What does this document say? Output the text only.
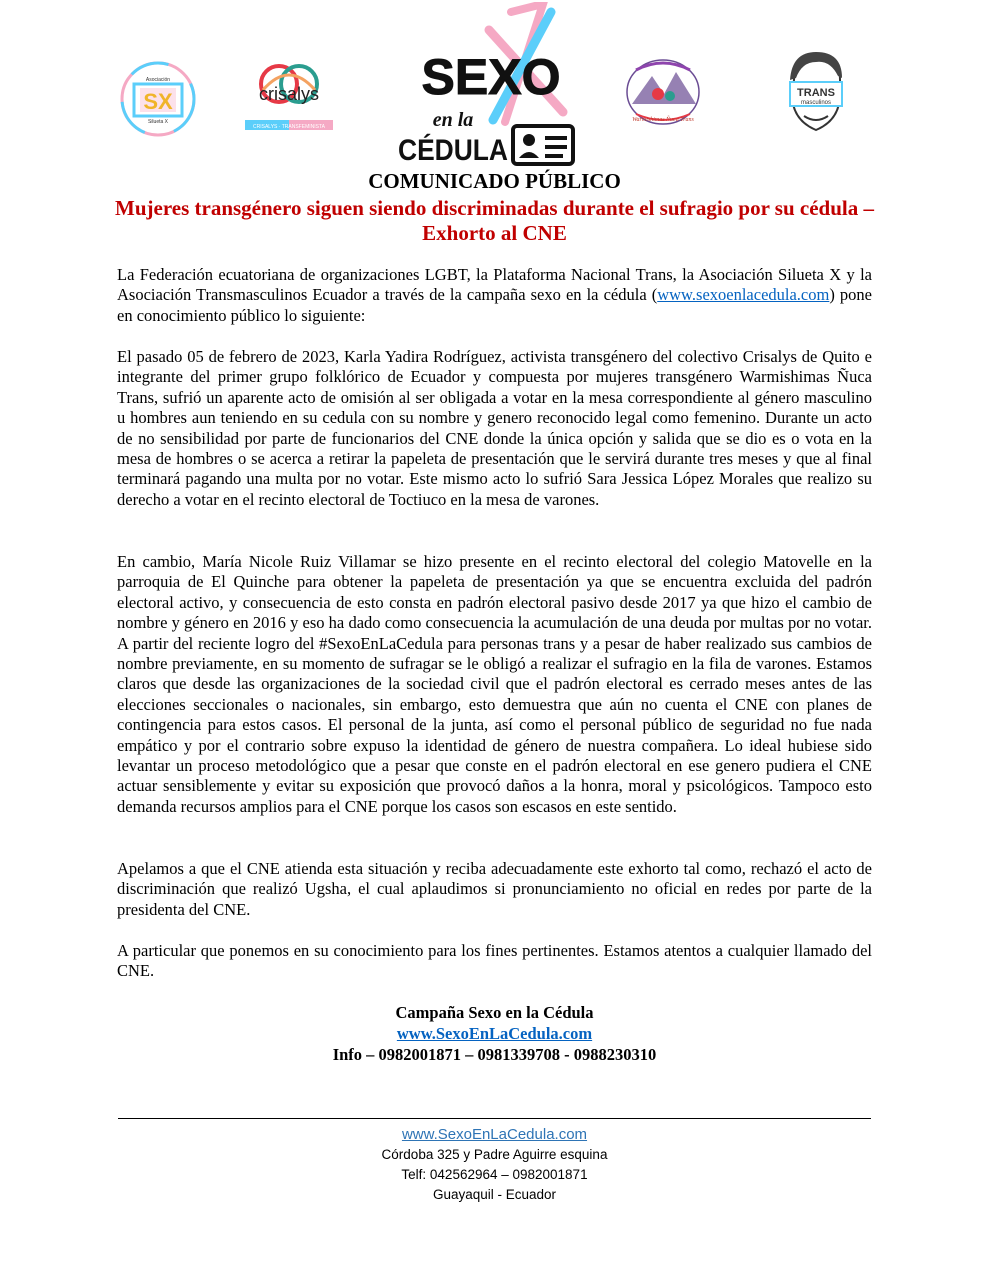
SX
Asociación
Silueta X
crisalys
CRISALYS · TRANSFEMINISTA
SEXO
en la
CÉDULA
Warmishimas Ñuca Trans
TRANS
masculinos
COMUNICADO PÚBLICO
Mujeres transgénero siguen siendo discriminadas durante el sufragio por su cédula – Exhorto al CNE
La Federación ecuatoriana de organizaciones LGBT, la Plataforma Nacional Trans, la Asociación Silueta X y la Asociación Transmasculinos Ecuador a través de la campaña sexo en la cédula (www.sexoenlacedula.com) pone en conocimiento público lo siguiente:
El pasado 05 de febrero de 2023, Karla Yadira Rodríguez, activista transgénero del colectivo Crisalys de Quito e integrante del primer grupo folklórico de Ecuador y compuesta por mujeres transgénero Warmishimas Ñuca Trans, sufrió un aparente acto de omisión al ser obligada a votar en la mesa correspondiente al género masculino u hombres aun teniendo en su cedula con su nombre y genero reconocido legal como femenino. Durante un acto de no sensibilidad por parte de funcionarios del CNE donde la única opción y salida que se dio es o vota en la mesa de hombres o se acerca a retirar la papeleta de presentación que le servirá durante tres meses y que al final terminará pagando una multa por no votar. Este mismo acto lo sufrió Sara Jessica López Morales que realizo su derecho a votar en el recinto electoral de Toctiuco en la mesa de varones.
En cambio, María Nicole Ruiz Villamar se hizo presente en el recinto electoral del colegio Matovelle en la parroquia de El Quinche para obtener la papeleta de presentación ya que se encuentra excluida del padrón electoral activo, y consecuencia de esto consta en padrón electoral pasivo desde 2017 ya que hizo el cambio de nombre y género en 2016 y eso ha dado como consecuencia la acumulación de una deuda por multas por no votar. A partir del reciente logro del #SexoEnLaCedula para personas trans y a pesar de haber realizado sus cambios de nombre previamente, en su momento de sufragar se le obligó a realizar el sufragio en la fila de varones. Estamos claros que desde las organizaciones de la sociedad civil que el padrón electoral es cerrado meses antes de las elecciones seccionales o nacionales, sin embargo, esto demuestra que aún no cuenta el CNE con planes de contingencia para estos casos. El personal de la junta, así como el personal público de seguridad no fue nada empático y por el contrario sobre expuso la identidad de género de nuestra compañera. Lo ideal hubiese sido levantar un proceso metodológico que a pesar que conste en el padrón electoral en ese genero pudiera el CNE actuar sensiblemente y evitar su exposición que provocó daños a la honra, moral y psicológicos. Tampoco esto demanda recursos amplios para el CNE porque los casos son escasos en este sentido.
Apelamos a que el CNE atienda esta situación y reciba adecuadamente este exhorto tal como, rechazó el acto de discriminación que realizó Ugsha, el cual aplaudimos si pronunciamiento no oficial en redes por parte de la presidenta del CNE.
A particular que ponemos en su conocimiento para los fines pertinentes. Estamos atentos a cualquier llamado del CNE.
Campaña Sexo en la Cédula
www.SexoEnLaCedula.com
Info – 0982001871 – 0981339708 - 0988230310
www.SexoEnLaCedula.com
Córdoba 325 y Padre Aguirre esquina
Telf: 042562964 – 0982001871
Guayaquil - Ecuador
